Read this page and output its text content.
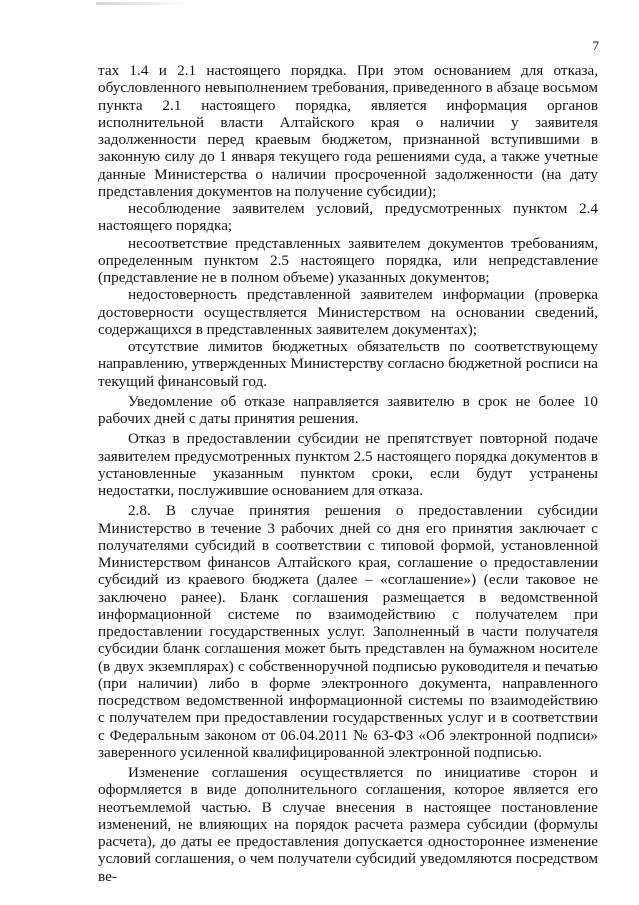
7

тах 1.4 и 2.1 настоящего порядка. При этом основанием для отказа, обусловленного невыполнением требования, приведенного в абзаце восьмом пункта 2.1 настоящего порядка, является информация органов исполнительной власти Алтайского края о наличии у заявителя задолженности перед краевым бюджетом, признанной вступившими в законную силу до 1 января текущего года решениями суда, а также учетные данные Министерства о наличии просроченной задолженности (на дату представления документов на получение субсидии);

несоблюдение заявителем условий, предусмотренных пунктом 2.4 настоящего порядка;

несоответствие представленных заявителем документов требованиям, определенным пунктом 2.5 настоящего порядка, или непредставление (представление не в полном объеме) указанных документов;

недостоверность представленной заявителем информации (проверка достоверности осуществляется Министерством на основании сведений, содержащихся в представленных заявителем документах);

отсутствие лимитов бюджетных обязательств по соответствующему направлению, утвержденных Министерству согласно бюджетной росписи на текущий финансовый год.

Уведомление об отказе направляется заявителю в срок не более 10 рабочих дней с даты принятия решения.

Отказ в предоставлении субсидии не препятствует повторной подаче заявителем предусмотренных пунктом 2.5 настоящего порядка документов в установленные указанным пунктом сроки, если будут устранены недостатки, послужившие основанием для отказа.

2.8. В случае принятия решения о предоставлении субсидии Министерство в течение 3 рабочих дней со дня его принятия заключает с получателями субсидий в соответствии с типовой формой, установленной Министерством финансов Алтайского края, соглашение о предоставлении субсидий из краевого бюджета (далее – «соглашение») (если таковое не заключено ранее). Бланк соглашения размещается в ведомственной информационной системе по взаимодействию с получателем при предоставлении государственных услуг. Заполненный в части получателя субсидии бланк соглашения может быть представлен на бумажном носителе (в двух экземплярах) с собственноручной подписью руководителя и печатью (при наличии) либо в форме электронного документа, направленного посредством ведомственной информационной системы по взаимодействию с получателем при предоставлении государственных услуг и в соответствии с Федеральным законом от 06.04.2011 № 63-ФЗ «Об электронной подписи» заверенного усиленной квалифицированной электронной подписью.

Изменение соглашения осуществляется по инициативе сторон и оформляется в виде дополнительного соглашения, которое является его неотъемлемой частью. В случае внесения в настоящее постановление изменений, не влияющих на порядок расчета размера субсидии (формулы расчета), до даты ее предоставления допускается одностороннее изменение условий соглашения, о чем получатели субсидий уведомляются посредством ве-
